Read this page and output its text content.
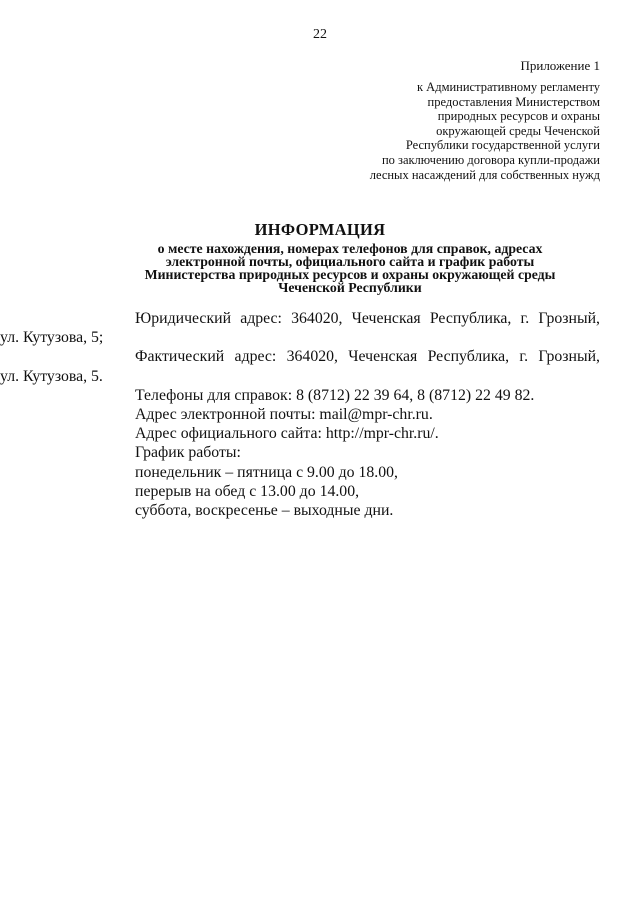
22
Приложение 1
к Административному регламенту
предоставления Министерством
природных ресурсов и охраны
окружающей среды Чеченской
Республики государственной услуги
по заключению договора купли-продажи
лесных насаждений для собственных нужд
ИНФОРМАЦИЯ
о месте нахождения, номерах телефонов для справок, адресах
электронной почты, официального сайта и график работы
Министерства природных ресурсов и охраны окружающей среды
Чеченской Республики

Юридический адрес: 364020, Чеченская Республика, г. Грозный,

ул. Кутузова, 5;

Фактический адрес: 364020, Чеченская Республика, г. Грозный,

ул. Кутузова, 5.

Телефоны для справок: 8 (8712) 22 39 64, 8 (8712) 22 49 82.

Адрес электронной почты: mail@mpr-chr.ru.

Адрес официального сайта: http://mpr-chr.ru/.

График работы:

понедельник – пятница с 9.00 до 18.00,

перерыв на обед с 13.00 до 14.00,

суббота, воскресенье – выходные дни.
